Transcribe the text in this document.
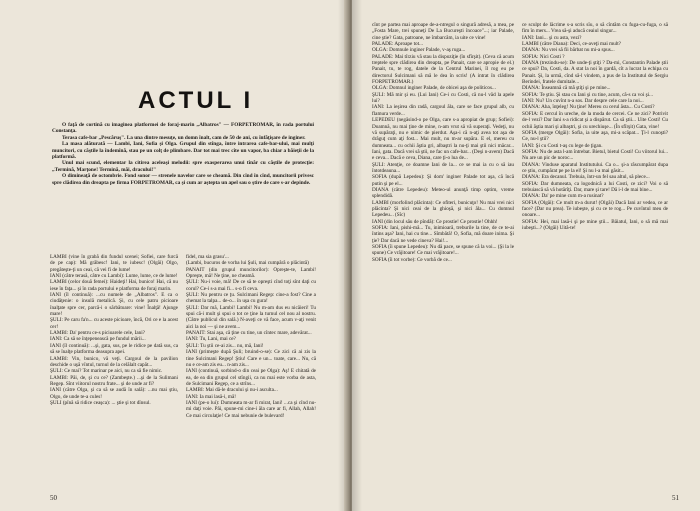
ACTUL I

O faţă de cortină cu imaginea platformei de foraj-marin „Albatros" — FORPETROMAR, în rada portului Constanţa.

Terasa cafe-bar „Pescăruş". La una dintre mesuţe, un domn înalt, cam de 50 de ani, cu înfăţişare de inginer.

La masa alăturată — Lambi, Iani, Sofia şi Olga. Grupul din stînga, între intrarea cafe-bar-ului, mai mulţi muncitori, cu căştile la îndemînă, stau pe un colţ de plimbare. Dar tot mai trec cîte un vapor, ba chiar a băieţii de la platformă.

Unul mai scund, elementar la citirea aceleaşi melodii: spre exasperarea unui tînăr cu căştile de protecţie: „Termină, Marţone! Termină, măi, dracului!"

O dimineaţă de octombrie. Fond sonor — strenele navelor care se cheamă. Din cînd în cînd, muncitorii privesc spre clădirea din dreapta pe firma FORPETROMAR, ca şi cum ar aştepta un apel sau o ştire de care s-ar depinde.

LAMBI (vine în grabă din fundul scenei; Sofiei, care furcă de pe cap): Mă grăbesc! Iani, te iubesc! (Olgăi) Olgo, pregăteşte-ţi un ceai, că vei fi de lume!

IANI (către terasă, către cu Lambi): Lume, lume, ce de lume!

LAMBI (celor două femei): Haideţi! Hai, bunico! Hai, că nu iese în faţa... şi în rada portului e platforma de foraj marin.

IANI (îl continuă): ...cu numele de „Albatros". E ca o ciudăţenie: o insulă metalică. Şi, cu cele patru picioare înalţate spre cer, parcă-i o sărbătoare: vine! Înalţă! Ajunge mare!

ŞULI: Pe caru fa'n... cu aceste picioare, încă, Ori ce e la acest cer!

LAMBI: Da' pentru ce-s picioarele cele, Iani?

IANI: Ca să se înţepenească pe fundul mării...

IANI (îl continuă): ...şi, gata, sus, pe le ridice pe dată sus, ca să se înalţe platforma deasupra apei.

LAMBI: Vin, bunico, vă veţi. Cargoul de la pavilion deschide o uşă vîntul, turnul de la celălalt capăt...

ŞULI: Ce mai? Tot marinar pe aici, nu ca să fie nimic.

LAMBI: Păi, de, şi cu ce? (Zambeşte.) ...şi de la Sulimani Regep. Sînt viitorul nostru frate... şi de unde ar fi?

IANI (către Olga, şi ca să se audă în sală): ...nu mai ştiu, Olgo, de unde te-a cules!

ŞULI (pînă să ridice ceaşca): ... ştie şi tot dînsul.

fidel, ma sia grasu'...

(Lambi, bucuros de vorba lui Şuli, mai cumpără o plăcintă)

PANAIT (din grupul muncitorilor): Opreşte-te, Lambi! Opreşte, mă! Ne ţine, ne cheamă.

ŞULI: Nu-i voie, mă! De ce să te opreşti cînd toţi sînt daţi cu corul? Ce-i s-a mai fi... s-o fi ceva.

ŞULI: Nu pentru ce ţu. Sulcimani Regep: cine-a fost? Cine a chemat la talpa... de-o... în uşa cu gura!

ŞULI: Dar mă, Lambi! Lambi! Nu m-am dus eu nicăieri! Tu spui că-i mult şi spui o tot ce ţine la turnul cel nou al nostru. (Către publicul din sală.) N-aveţi ce vă face, acum v-aţi venit aici la noi — şi ne avem...

PANAIT: Stai aşa, că ţine cu tine, un cîntec mare, adevărat...

IANI: Tu, Lani, mai ce?

ŞULI: Tu ştii ce-ai zis... nu, mă, Iani!

IANI (primeşte după Şuli; bruind-o-se): Ce zici că ai zis la tine Sulcimani Regep! Ştiu! Care e un... toate, care... Nu, că nu e ce-am zis eu... n-am zis...

IANI (continuă, sorbind-o din ceai pe Olga): Aş! E chitată de ea, de ea din grupul cel stîngii, ca nu mai este vorba de asta, de Sulcimani Regep, ce a strîns...

LAMBI: Mai dă-le dracului şi nu-i asculta...

IANI: Ia mai lasă-i, mă!

IANI (pe-o lui): Dumneata m-ar fi mirat, Iani! ...ca şi cînd nu-mi daţi voie. Păi, spune-mi cine-i ăla care ar fi, Allah, Allah! Ce mai circulaţie! Ce mai nebunie de bulevard!

50

cînt pe partea mai aproape de-a-ntregul o singură adresă, a mea, pe „Fosta Mare, trei spuneţi De La Bucureşti încoace"...; iar Palade, cine ştie? Gata, patroane, ne îmbarcăm, ia uite ce vine!

PALADE: Aproape tot...

OLGA: Domnule inginer Palade, v-aş ruga...

PALADE: Mai tîrziu vă stau la dispoziţie (în sfîrşit). (Ceva că acum treptele spre clădirea din dreapta, pe Panait, care se apropie de el.) Panait, tu, te rog, datele de la Centrul Marinei, îl rog eu pe directorul Sulcimani să mă le dea în scris! (A intrat în clădirea FORPETROMAR.)

OLGA: Domnul inginer Palade, de obicei aşa de politicos...

ŞULI: Mă mir şi eu. (Lui Iani) Ce-i cu Costi, că nu-l văd la apele lui?

IANI: La ieşirea din radă, cargoul ăla, care se face grupul alb, cu flamura verde...

LEPEDEU (negăsind-o pe Olga, care s-a apropiat de grup; Sofiei): Doamnă, nu mai ţine de mine, n-am vrut să vă superaţi. Vedeţi, nu vă supăraţi, nu e nimic de pierdut. Aşa-i că n-aţi avea tot aşa de drăguţ cum aţi fost... Mai mult, nu m-ar supăra. E el, mereu cu dumneata... cu ochii ăştia gri, albaştri la nu-ţi mai ştii nici măcar... Iani, gata. Dacă vrei să ştii, ne fac un cafe-bar... (Deşi n-avem) Dacă e ceva... Dacă e ceva, Diana, care ţi-o lua de...

ŞULI: Atenţie, ce doamne Iani de la... ce se mai ia cu o să iau întotdeauna...

SOFIA (după Lepedeu): Şi dom' inginer Palade tot aşa, că încă putin şi pe el...

DIANA (către Lepedeu): Meteo-ul anunţă timp optim, vreme splendidă.

LAMBI (morfolind plăcinta): Ce ofiteri, bunicuţo! Nu mai vrei nici plăcinta? Şi nici ceai de la ghioşă, şi nici ăla... Cu domnul Lepedeu... (Sîc)

IANI (din locul său de pîndă): Ce prostie! Ce prostie! Ohhh!

SOFIA: Iani, pishi-mă... Tu, inimioară, treburile la tine, de ce te-ai întins aşa? Iani, hai cu tine... Sîmbătă! O, Sofia, mă doare inima. Şi ţie? Dar dacă ne vede cineva? Hai!...

SOFIA (îi spune Lepedeu): Nu dă pace, se spune că la voi... (Şi la le spune) Ce vrăjitoare! Ce mai vrăjitoare!...

SOFIA (îi tot vorbe): Ce vorbă de ce...

ce sculpt de lăcrime s-a scris sîu, o să cîntăm cu fuga-cu-fuga, o să fim în mers... Vrea să-şi aducă ceaiul singur...

IANI: Iani... şi cu asta, vezi?

LAMBI (către Diana): Deci, ce-aveţi mai mult?

DIANA: Nu vrei să fii bărbat nu mi-a spus...

SOFIA: Nici Costi ?

DIANA (trezindu-se): De unde-ţi ştiţi ? Da-mi, Constantin Palade ştii ce spui? Da, Costi, da. A stat la noi în gardă, cît a lucrat la echipa cu Panait. Şi, la urmă, cînd să-l vindem, a pus de la Institutul de Sergiu Berindei, fratele dumitale...

DIANA: Înseamnă că mă ştiţi şi pe mine...

SOFIA: Te ştiu. Şi stau cu Iani şi cu tine, acum, că-s ca voi şi...

IANI: Nu? Un cuvînt n-a sos. Dar despre cele care la noi...

DIANA: Aha, înţeleg! Nu ţine! Mereu cu cerul ăsta... Cu Costi?

SOFIA: E cercul în ureche, de la moda de cercei. Ce ne zici? Potrivit de-l vezi? Dar Iani s-a ridicat şi a dispărut. Ca să ştii... Uite Costi! Cu ochii ăştia mari şi albaştri, şi cu urechiuşe... (În sfîrşit) Gata, vine!

SOFIA (merge Olgăi): Sofia, ia uite aşa, mi-a scăpat... Ţi-l cunoşti? Ce, nu-l ştii?

IANI: Şi cu Costi t-aş cu lege de ţigan.

SOFIA: Nu de asta l-am întrebat. Bietul, bietul Costi! Cu viitorul lui... Nu are un pic de noroc...

DIANA: Vinduse aparatul Institutului. Ca o... şi-a răscumpărat dupa ce ştiu, cumpărat pe pe la el! Şi nu l-a mai găsit...

DIANA: Era decanul. Trebuia, într-un fel sau altul, să plece...

SOFIA: Dar dumneata, ca logodnică a lui Costi, ce zici? Voi o să trebuiască să vă hotărîţi. Dar, mare şi tare! Dă i-l de mai bine...

DIANA: Da' pe mine cum m-a rusinat?

SOFIA (Olgăi): Ce mult m-a durut! (Olgăi) Dacă Iani ar vedea, ce ar face? (Dar nu prea). Te iubeşte, şi cu ce te rog... Pe cuvîntul meu de onoare...

SOFIA: Hei, mai lasă-i şi pe mine ştii... Băiatul, Iani, o să mă mai iubeşti...? (Olgăi) Uită-te!

51
